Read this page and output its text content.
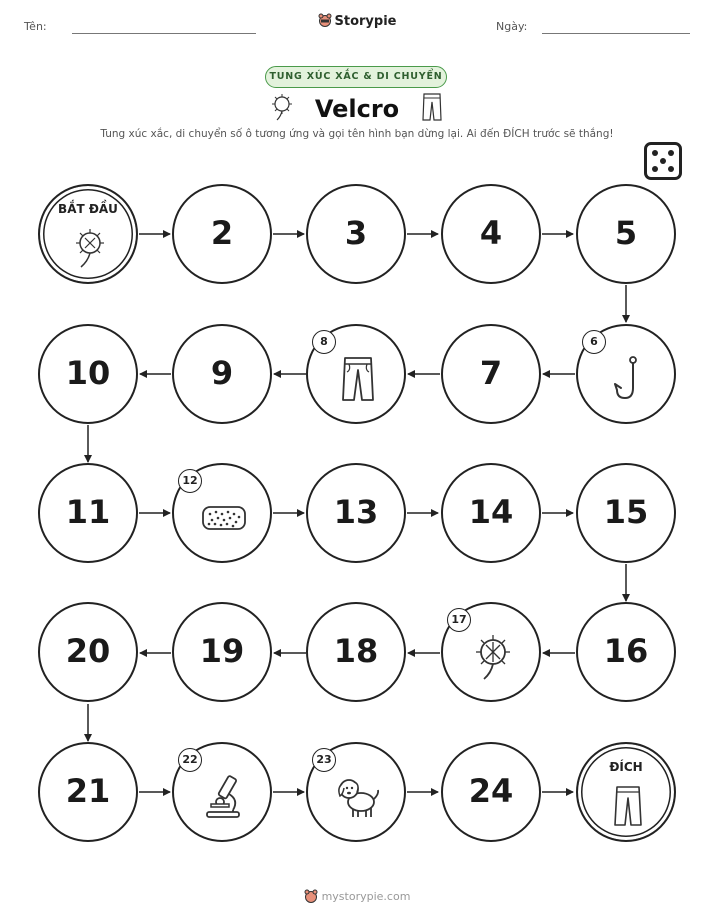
Tên:	Storypie	Ngày:
TUNG XÚC XẮC & DI CHUYỂN
Velcro
Tung xúc xắc, di chuyển số ô tương ứng và gọi tên hình bạn dừng lại. Ai đến ĐÍCH trước sẽ thắng!
BẮT ĐẦU
2	3	4	5
10	9
8
7
6
11
12
13	14	15
20	19	18
17
16
21
22	23
24
ĐÍCH
mystorypie.com
